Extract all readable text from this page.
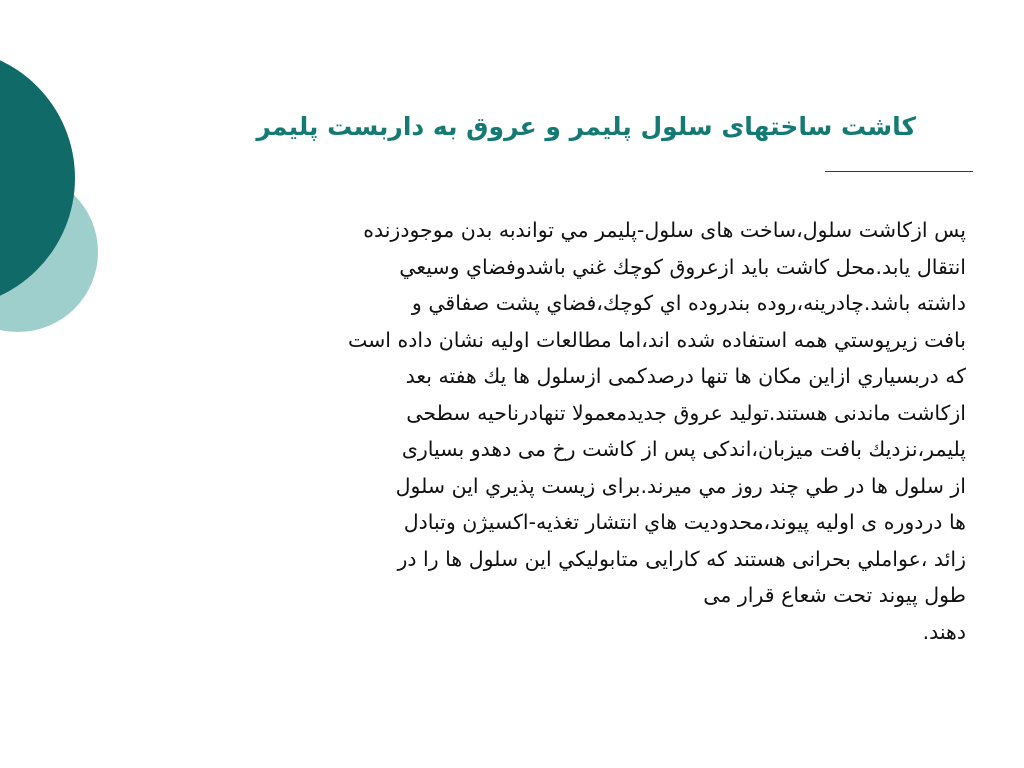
کاشت ساختهای سلول پلیمر و عروق به داربست پلیمر
پس ازکاشت سلول،ساخت های سلول-پلیمر مي تواندبه بدن موجودزنده
انتقال يابد.محل كاشت بايد ازعروق كوچك غني باشدوفضاي وسيعي
داشته باشد.چادرينه،روده بندروده اي كوچك،فضاي پشت صفاقي و
بافت زيرپوستي همه استفاده شده اند،اما مطالعات اوليه نشان داده است
كه دربسياري ازاين مكان ها تنها درصدكمی ازسلول ها يك هفته بعد
ازكاشت ماندنی هستند.توليد عروق جديدمعمولا تنهادرناحيه سطحی
پليمر،نزديك بافت ميزبان،اندكی پس از كاشت رخ می دهدو بسياری
از سلول ها در طي چند روز مي ميرند.برای زيست پذيري اين سلول
ها دردوره ی اوليه پيوند،محدوديت هاي انتشار تغذيه-اكسيژن وتبادل
زائد ،عواملي بحرانی هستند كه كارايی متابوليكي اين سلول ها را در
طول پيوند تحت شعاع قرار می
دهند.
